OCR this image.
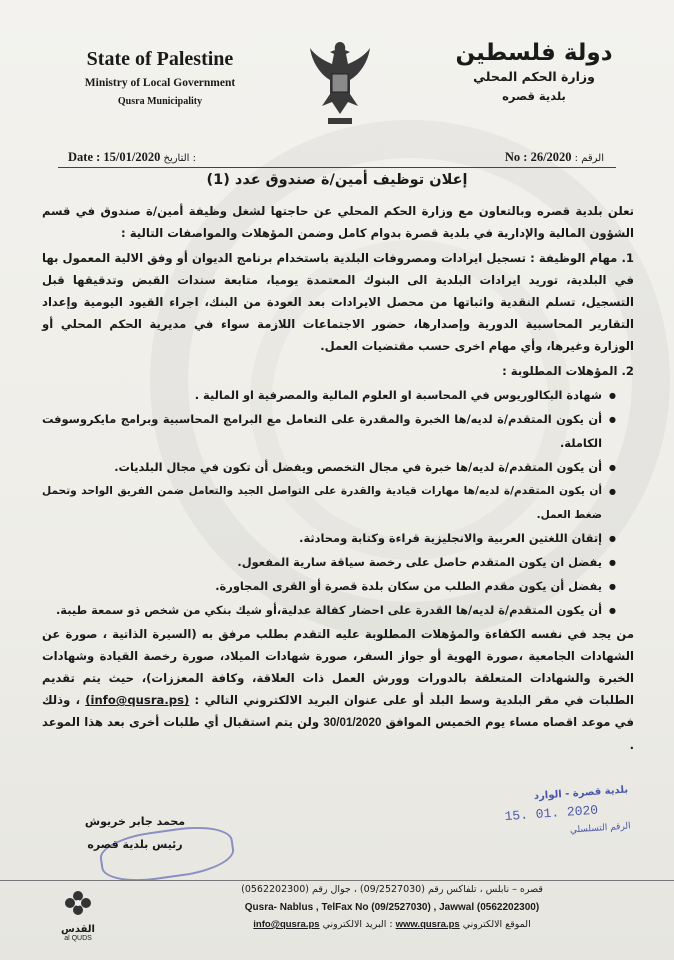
State of Palestine
Ministry of Local Government
Qusra Municipality
دولة فلسطين
وزارة الحكم المحلي
بلدية قصره
Date : 15/01/2020 التاريخ :	الرقم : No : 26/2020
إعلان توظيف أمين/ة صندوق عدد (1)

تعلن بلدية قصره وبالتعاون مع وزارة الحكم المحلي عن حاجتها لشغل وظيفة أمين/ة صندوق في قسم الشؤون المالية والإدارية في بلدية قصرة بدوام كامل وضمن المؤهلات والمواصفات التالية :

1. مهام الوظيفة : تسجيل ايرادات ومصروفات البلدية باستخدام برنامج الديوان أو وفق الالية المعمول بها في البلدية، توريد ايرادات البلدية الى البنوك المعتمدة يوميا، متابعة سندات القبض وتدقيقها قبل التسجيل، تسلم النقدية واثباتها من محصل الايرادات بعد العودة من البنك، اجراء القيود اليومية وإعداد التقارير المحاسبية الدورية وإصدارها، حضور الاجتماعات اللازمة سواء في مديرية الحكم المحلي أو الوزارة وغيرها، وأي مهام اخرى حسب مقتضيات العمل.
2. المؤهلات المطلوبة :
● شهادة البكالوريوس في المحاسبة او العلوم المالية والمصرفية او المالية .
● أن يكون المتقدم/ة لديه/ها الخبرة والمقدرة على التعامل مع البرامج المحاسبية وبرامج مايكروسوفت الكاملة.
● أن يكون المتقدم/ة لديه/ها خبرة في مجال التخصص ويفضل أن تكون في مجال البلديات.
● أن يكون المتقدم/ة لديه/ها مهارات قيادية والقدرة على التواصل الجيد والتعامل ضمن الفريق الواحد وتحمل ضغط العمل.
● إتقان اللغتين العربية والانجليزية قراءة وكتابة ومحادثة.
● يفضل ان يكون المتقدم حاصل على رخصة سياقة سارية المفعول.
● يفضل أن يكون مقدم الطلب من سكان بلدة قصرة أو القرى المجاورة.
● أن يكون المتقدم/ة لديه/ها القدرة على احضار كفالة عدلية،أو شيك بنكي من شخص ذو سمعة طيبة.

من يجد في نفسه الكفاءة والمؤهلات المطلوبة عليه التقدم بطلب مرفق به (السيرة الذاتية ، صورة عن الشهادات الجامعية ،صورة الهوية أو جواز السفر، صورة شهادات الميلاد، صورة رخصة القيادة وشهادات الخبرة والشهادات المتعلقة بالدورات وورش العمل ذات العلاقة، وكافة المعززات)، حيث يتم تقديم الطلبات في مقر البلدية وسط البلد أو على عنوان البريد الالكتروني التالي : (info@qusra.ps) ، وذلك في موعد اقصاه مساء يوم الخميس الموافق 30/01/2020 ولن يتم استقبال أي طلبات أخرى بعد هذا الموعد .

محمد جابر خريوش
رئيس بلدية قصره
بلدية قصرة - الوارد
15. 01. 2020
الرقم التسلسلي
القدس
al QUDS
قصره – نابلس ، تلفاكس رقم (09/2527030) ، جوال رقم (0562202300)
Qusra- Nablus , TelFax No (09/2527030) , Jawwal (0562202300)
info@qusra.ps البريد الالكتروني : www.qusra.ps الموقع الالكتروني
